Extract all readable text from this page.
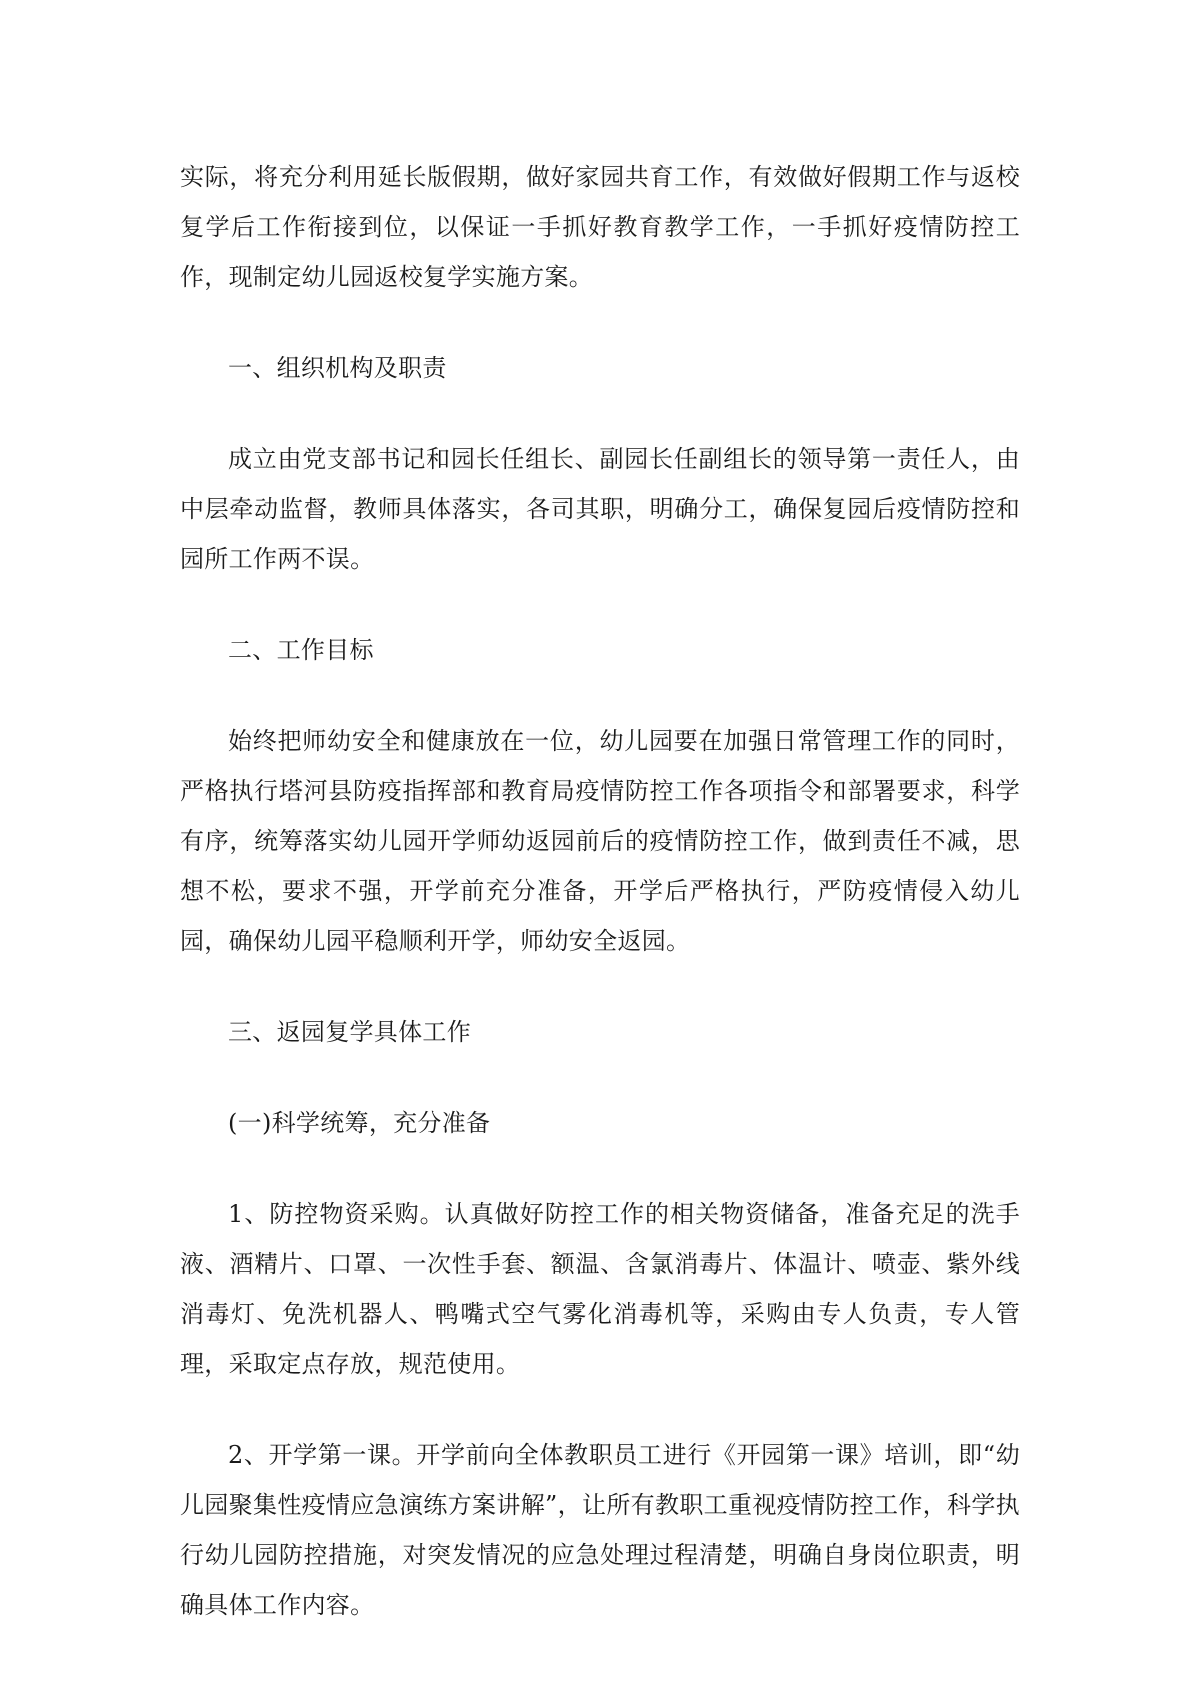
实际，将充分利用延长版假期，做好家园共育工作，有效做好假期工作与返校复学后工作衔接到位，以保证一手抓好教育教学工作，一手抓好疫情防控工作，现制定幼儿园返校复学实施方案。

一、组织机构及职责

成立由党支部书记和园长任组长、副园长任副组长的领导第一责任人，由中层牵动监督，教师具体落实，各司其职，明确分工，确保复园后疫情防控和园所工作两不误。

二、工作目标

始终把师幼安全和健康放在一位，幼儿园要在加强日常管理工作的同时，严格执行塔河县防疫指挥部和教育局疫情防控工作各项指令和部署要求，科学有序，统筹落实幼儿园开学师幼返园前后的疫情防控工作，做到责任不减，思想不松，要求不强，开学前充分准备，开学后严格执行，严防疫情侵入幼儿园，确保幼儿园平稳顺利开学，师幼安全返园。

三、返园复学具体工作

(一)科学统筹，充分准备

1、防控物资采购。认真做好防控工作的相关物资储备，准备充足的洗手液、酒精片、口罩、一次性手套、额温、含氯消毒片、体温计、喷壶、紫外线消毒灯、免洗机器人、鸭嘴式空气雾化消毒机等，采购由专人负责，专人管理，采取定点存放，规范使用。

2、开学第一课。开学前向全体教职员工进行《开园第一课》培训，即“幼儿园聚集性疫情应急演练方案讲解”，让所有教职工重视疫情防控工作，科学执行幼儿园防控措施，对突发情况的应急处理过程清楚，明确自身岗位职责，明确具体工作内容。
